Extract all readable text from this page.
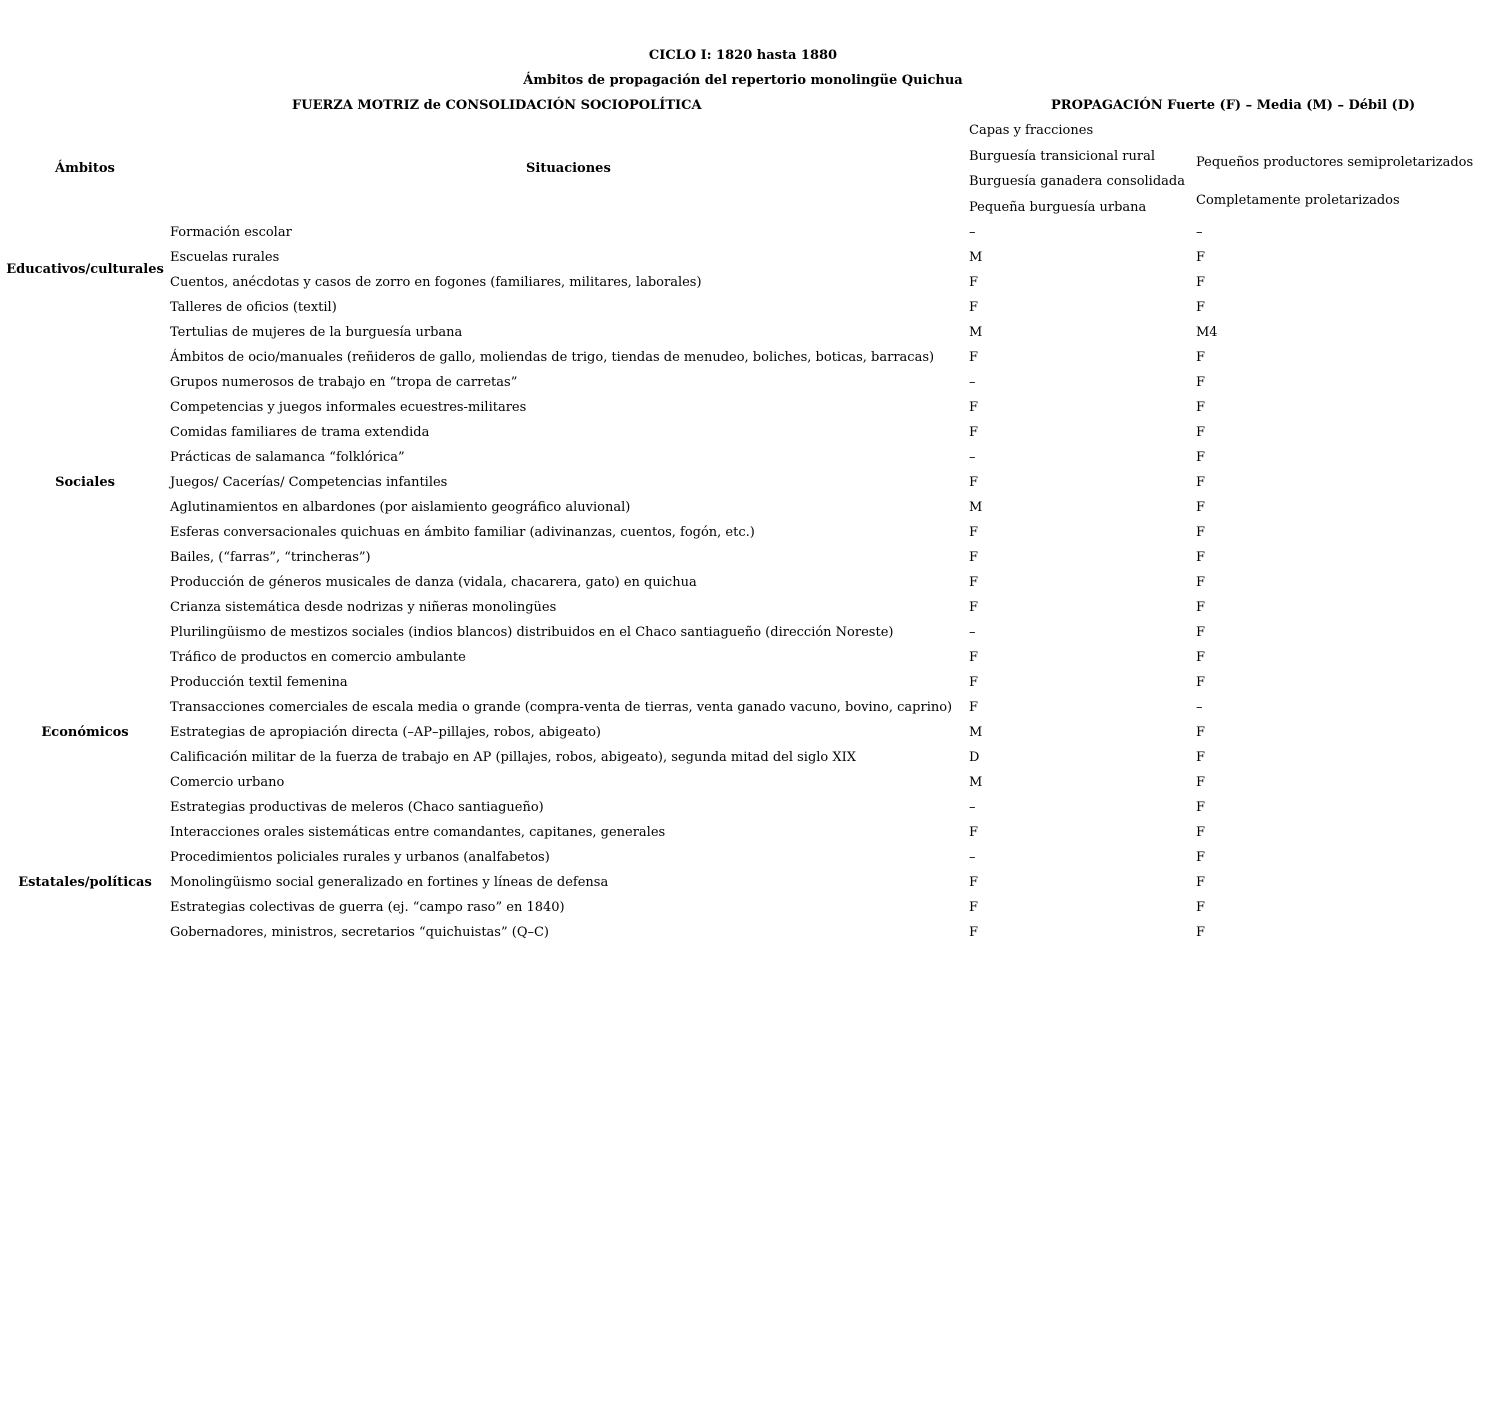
CICLO I: 1820 hasta 1880
Ámbitos de propagación del repertorio monolingüe Quichua
FUERZA MOTRIZ de CONSOLIDACIÓN SOCIOPOLÍTICA	PROPAGACIÓN Fuerte (F) – Media (M) – Débil (D)
Ámbitos	Situaciones
Capas y fracciones
Burguesía transicional rural
Burguesía ganadera consolidada
Pequeña burguesía urbana
Pequeños productores semiproletarizados
Completamente proletarizados
Educativos/culturales
Sociales
Económicos
Estatales/políticas
Formación escolar	–	–
Escuelas rurales	M	F
Cuentos, anécdotas y casos de zorro en fogones (familiares, militares, laborales)	F	F
Talleres de oficios (textil)	F	F
Tertulias de mujeres de la burguesía urbana	M	M4
Ámbitos de ocio/manuales (reñideros de gallo, moliendas de trigo, tiendas de menudeo, boliches, boticas, barracas)	F	F
Grupos numerosos de trabajo en “tropa de carretas”	–	F
Competencias y juegos informales ecuestres-militares	F	F
Comidas familiares de trama extendida	F	F
Prácticas de salamanca “folklórica”	–	F
Juegos/ Cacerías/ Competencias infantiles	F	F
Aglutinamientos en albardones (por aislamiento geográfico aluvional)	M	F
Esferas conversacionales quichuas en ámbito familiar (adivinanzas, cuentos, fogón, etc.)	F	F
Bailes, (“farras”, “trincheras”)	F	F
Producción de géneros musicales de danza (vidala, chacarera, gato) en quichua	F	F
Crianza sistemática desde nodrizas y niñeras monolingües	F	F
Plurilingüismo de mestizos sociales (indios blancos) distribuidos en el Chaco santiagueño (dirección Noreste)	–	F
Tráfico de productos en comercio ambulante	F	F
Producción textil femenina	F	F
Transacciones comerciales de escala media o grande (compra-venta de tierras, venta ganado vacuno, bovino, caprino) F	–
Estrategias de apropiación directa (–AP–pillajes, robos, abigeato)	M	F
Calificación militar de la fuerza de trabajo en AP (pillajes, robos, abigeato), segunda mitad del siglo XIX	D	F
Comercio urbano	M	F
Estrategias productivas de meleros (Chaco santiagueño)	–	F
Interacciones orales sistemáticas entre comandantes, capitanes, generales	F	F
Procedimientos policiales rurales y urbanos (analfabetos)	–	F
Monolingüismo social generalizado en fortines y líneas de defensa	F	F
Estrategias colectivas de guerra (ej. “campo raso” en 1840)	F	F
Gobernadores, ministros, secretarios “quichuistas” (Q–C)	F	F
